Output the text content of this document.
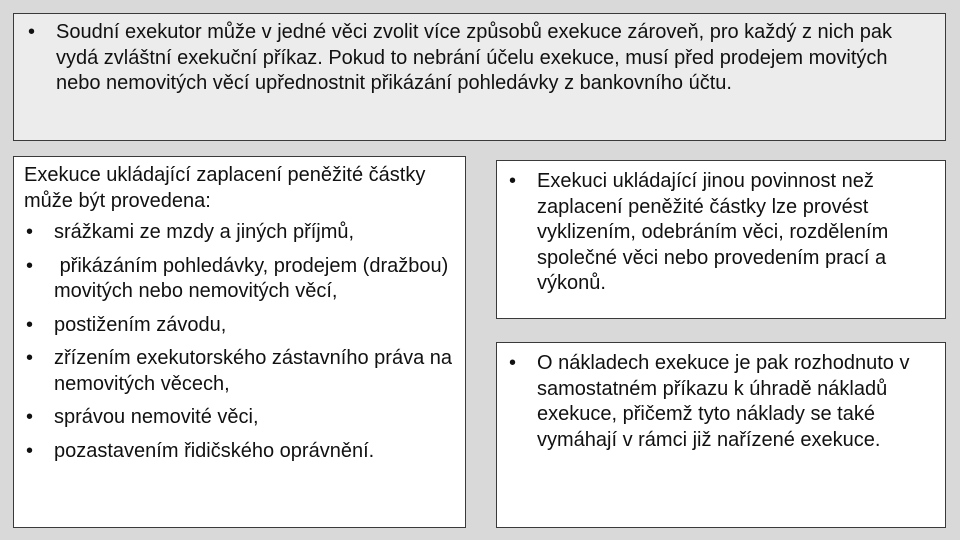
• Soudní exekutor může v jedné věci zvolit více způsobů exekuce zároveň, pro každý z nich pak vydá zvláštní exekuční příkaz. Pokud to nebrání účelu exekuce, musí před prodejem movitých nebo nemovitých věcí upřednostnit přikázání pohledávky z bankovního účtu.
Exekuce ukládající zaplacení peněžité částky může být provedena:
• srážkami ze mzdy a jiných příjmů,
• přikázáním pohledávky, prodejem (dražbou) movitých nebo nemovitých věcí,
• postižením závodu,
• zřízením exekutorského zástavního práva na nemovitých věcech,
• správou nemovité věci,
• pozastavením řidičského oprávnění.
• Exekuci ukládající jinou povinnost než zaplacení peněžité částky lze provést vyklizením, odebráním věci, rozdělením společné věci nebo provedením prací a výkonů.
• O nákladech exekuce je pak rozhodnuto v samostatném příkazu k úhradě nákladů exekuce, přičemž tyto náklady se také vymáhají v rámci již nařízené exekuce.
